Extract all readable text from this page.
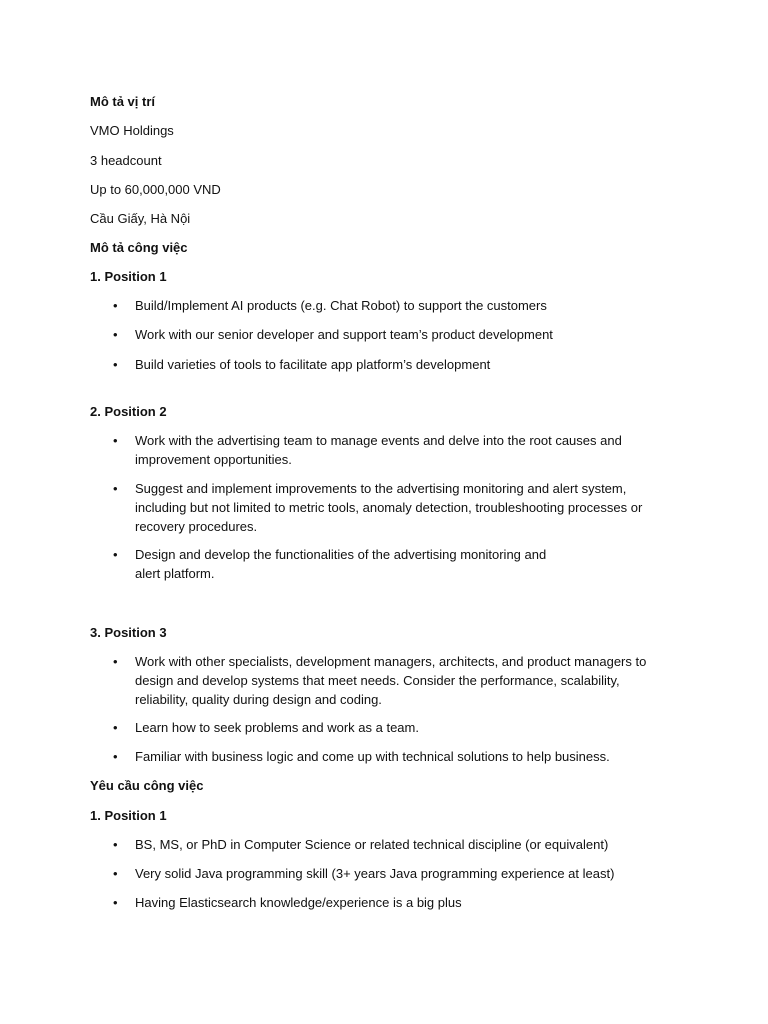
Mô tả vị trí
VMO Holdings
3 headcount
Up to 60,000,000 VND
Cầu Giấy, Hà Nội
Mô tả công việc
1. Position 1
•	Build/Implement AI products (e.g. Chat Robot) to support the customers
•	Work with our senior developer and support team’s product development
•	Build varieties of tools to facilitate app platform’s development
2. Position 2
•	Work with the advertising team to manage events and delve into the root causes and improvement opportunities.
•	Suggest and implement improvements to the advertising monitoring and alert system, including but not limited to metric tools, anomaly detection, troubleshooting processes or recovery procedures.
•	Design and develop the functionalities of the advertising monitoring and alert platform.
3. Position 3
•	Work with other specialists, development managers, architects, and product managers to design and develop systems that meet needs. Consider the performance, scalability, reliability, quality during design and coding.
•	Learn how to seek problems and work as a team.
•	Familiar with business logic and come up with technical solutions to help business.
Yêu cầu công việc
1. Position 1
•	BS, MS, or PhD in Computer Science or related technical discipline (or equivalent)
•	Very solid Java programming skill (3+ years Java programming experience at least)
•	Having Elasticsearch knowledge/experience is a big plus
